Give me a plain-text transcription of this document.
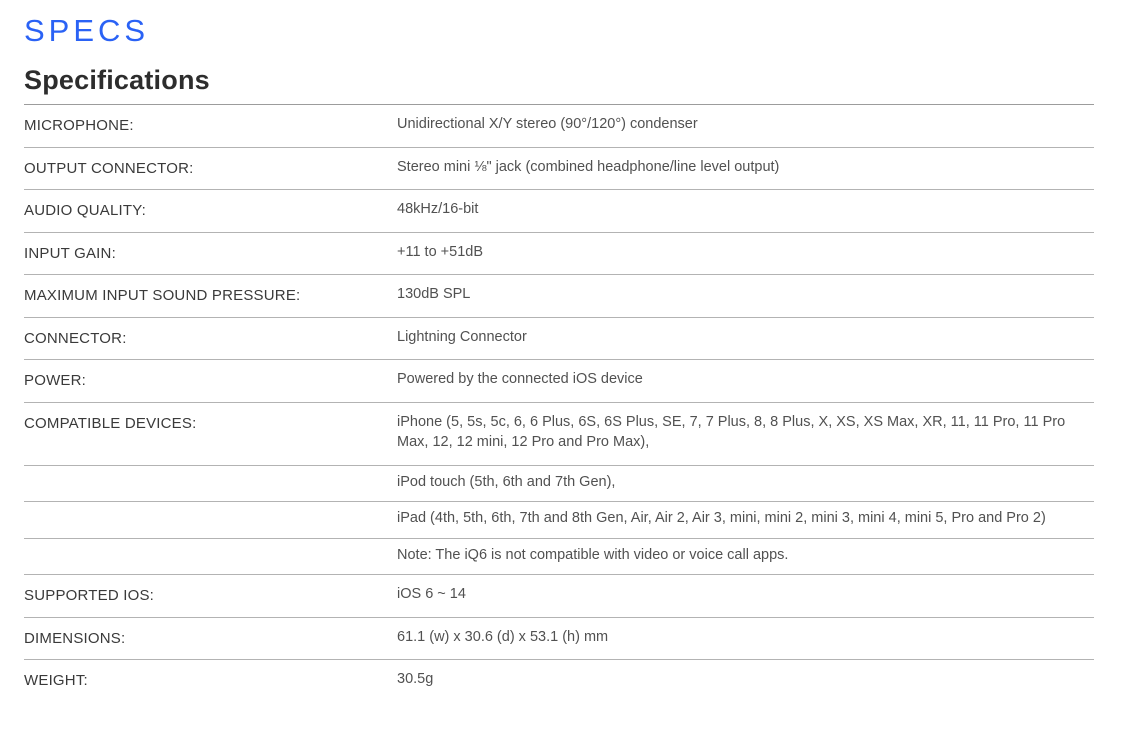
SPECS
Specifications
MICROPHONE:	Unidirectional X/Y stereo (90°/120°) condenser
OUTPUT CONNECTOR:	Stereo mini ⅛" jack (combined headphone/line level output)
AUDIO QUALITY:	48kHz/16-bit
INPUT GAIN:	+11 to +51dB
MAXIMUM INPUT SOUND PRESSURE:	130dB SPL
CONNECTOR:	Lightning Connector
POWER:	Powered by the connected iOS device
COMPATIBLE DEVICES:	iPhone (5, 5s, 5c, 6, 6 Plus, 6S, 6S Plus, SE, 7, 7 Plus, 8, 8 Plus, X, XS, XS Max, XR, 11, 11 Pro, 11 Pro Max, 12, 12 mini, 12 Pro and Pro Max),
iPod touch (5th, 6th and 7th Gen),
iPad (4th, 5th, 6th, 7th and 8th Gen, Air, Air 2, Air 3, mini, mini 2, mini 3, mini 4, mini 5, Pro and Pro 2)
Note: The iQ6 is not compatible with video or voice call apps.
SUPPORTED IOS:	iOS 6 ~ 14
DIMENSIONS:	61.1 (w) x 30.6 (d) x 53.1 (h) mm
WEIGHT:	30.5g
